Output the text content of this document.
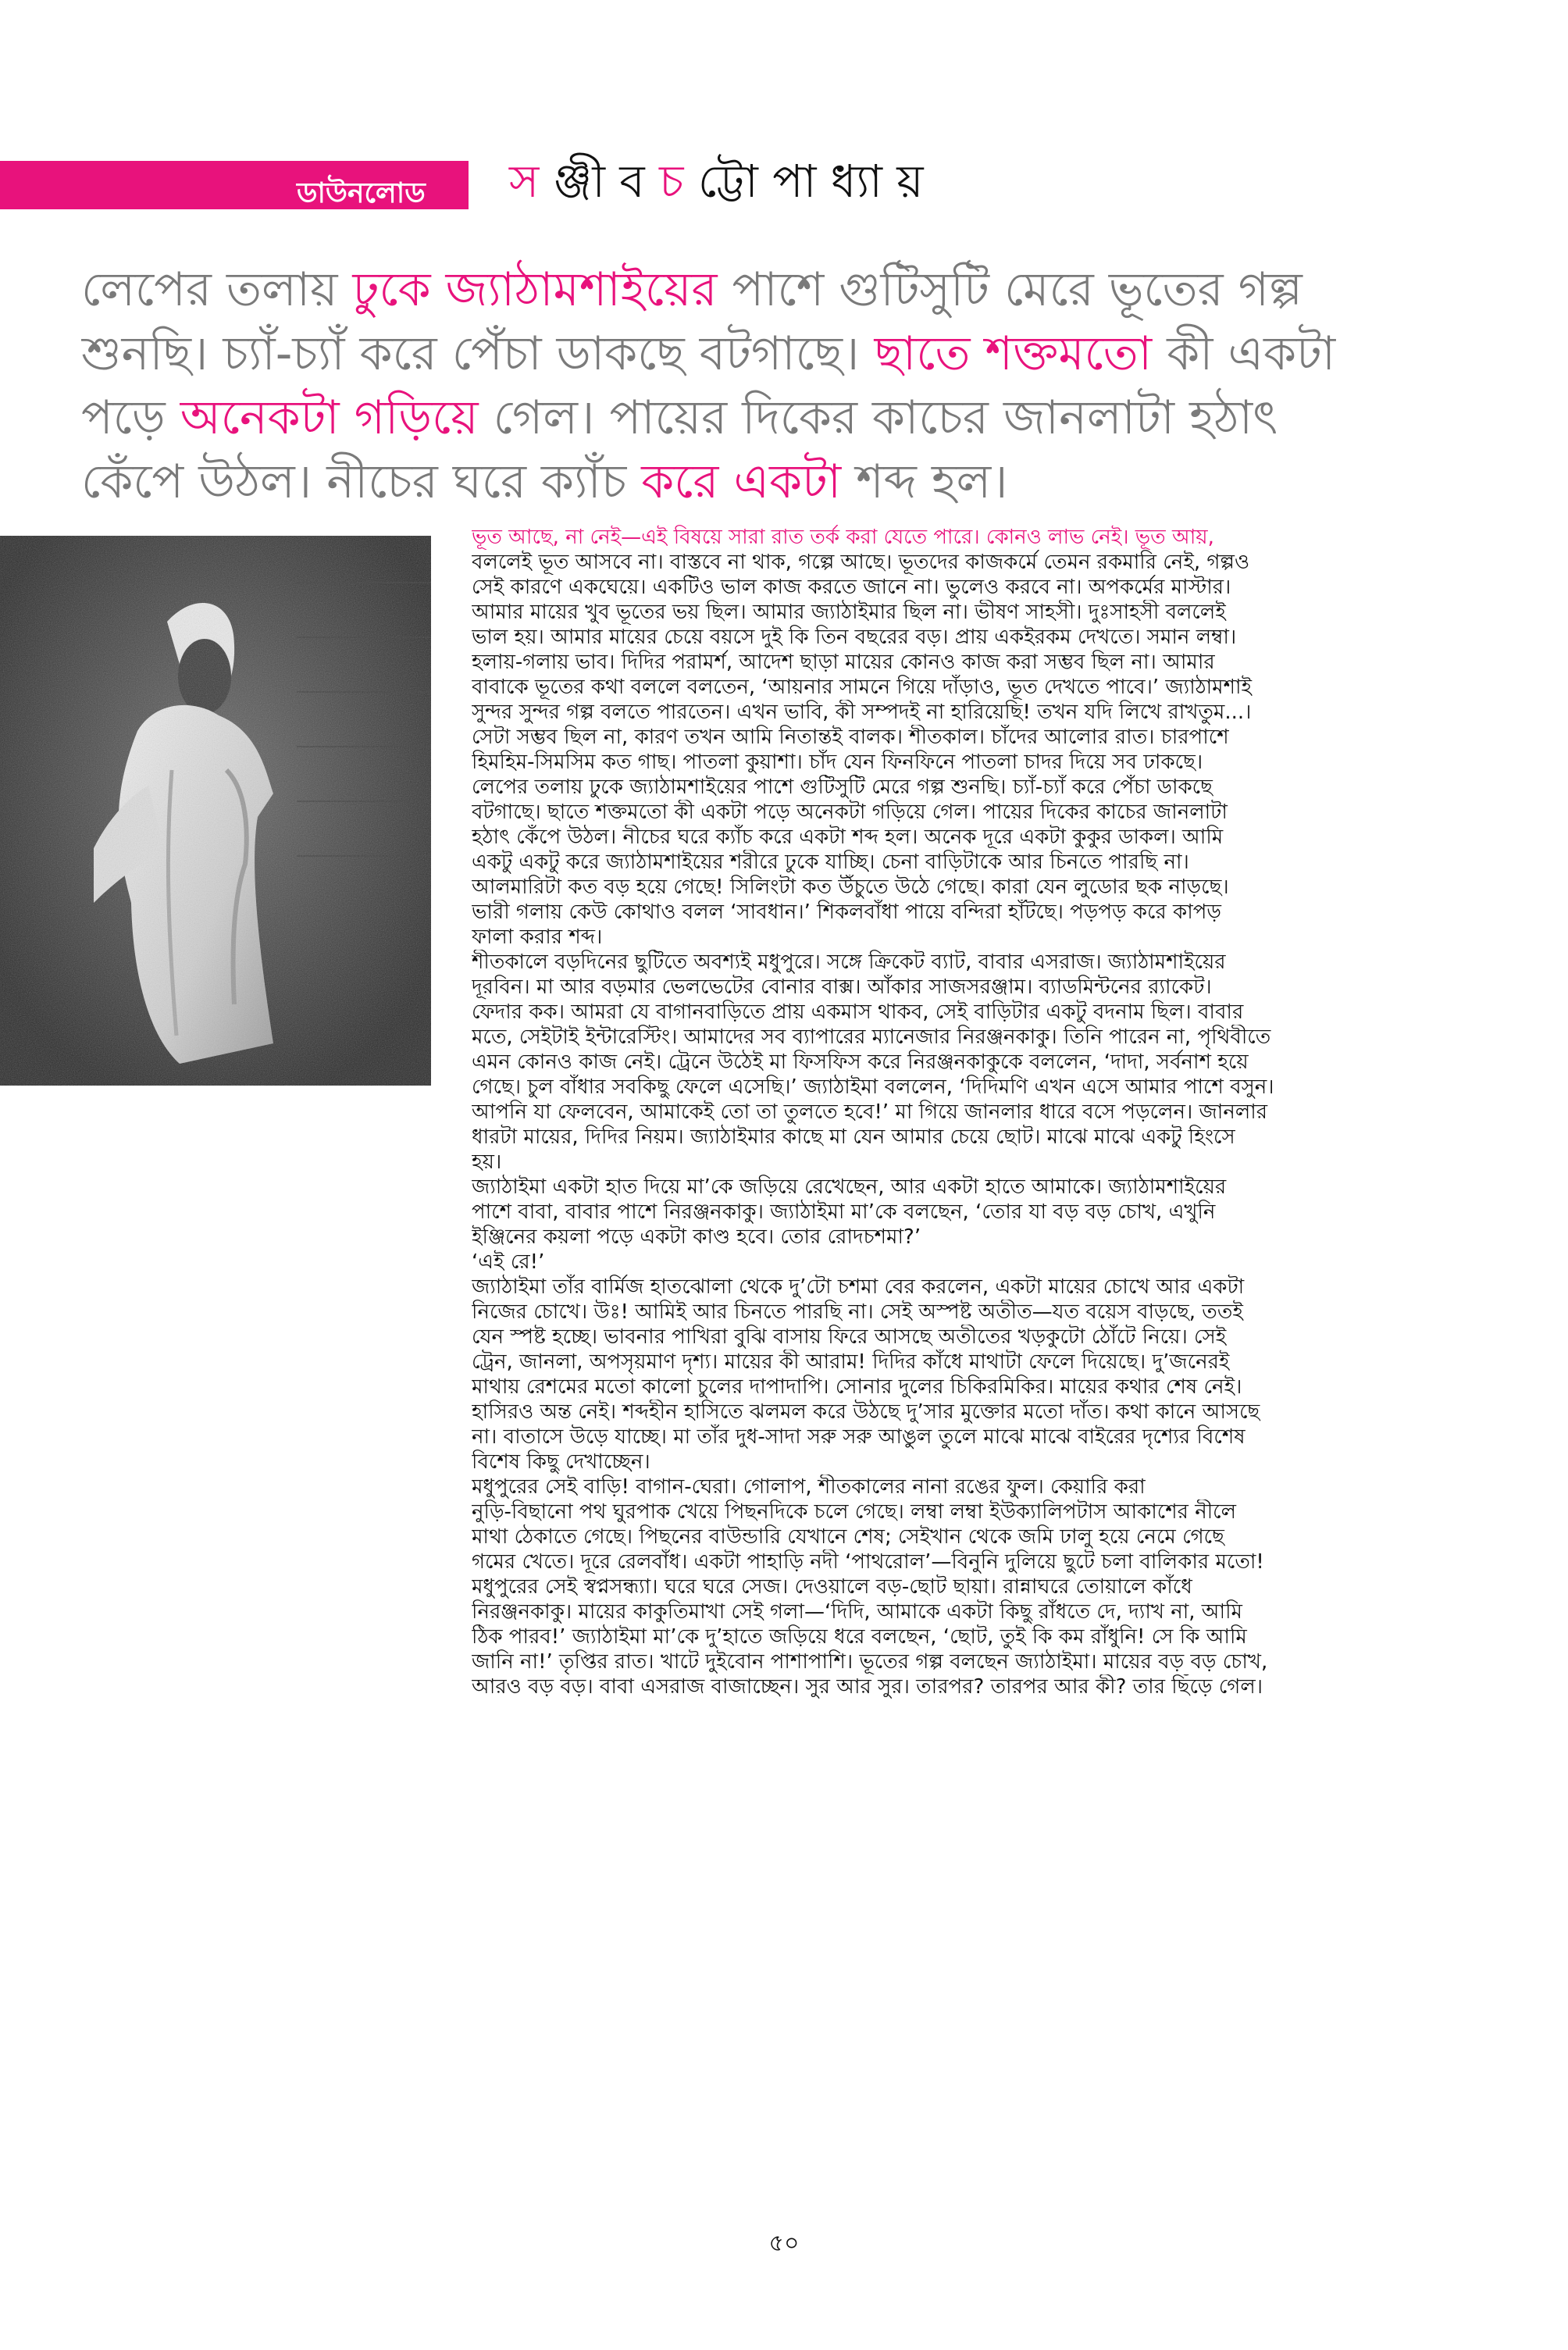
ডাউনলোড স ঞ্জী ব চ ট্টো পা ধ্যা য়

লেপের তলায় ঢুকে জ্যাঠামশাইয়ের পাশে গুটিসুটি মেরে ভূতের গল্প

শুনছি। চ্যাঁ-চ্যাঁ করে পেঁচা ডাকছে বটগাছে। ছাতে শক্তমতো কী একটা

পড়ে অনেকটা গড়িয়ে গেল। পায়ের দিকের কাচের জানলাটা হঠাৎ

কেঁপে উঠল। নীচের ঘরে ক্যাঁচ করে একটা শব্দ হল।

ভূত আছে, না নেই—এই বিষয়ে সারা রাত তর্ক করা যেতে পারে। কোনও লাভ নেই। ভূত আয়,

বললেই ভূত আসবে না। বাস্তবে না থাক, গল্পে আছে। ভূতদের কাজকর্মে তেমন রকমারি নেই, গল্পও

সেই কারণে একঘেয়ে। একটিও ভাল কাজ করতে জানে না। ভুলেও করবে না। অপকর্মের মাস্টার।

আমার মায়ের খুব ভূতের ভয় ছিল। আমার জ্যাঠাইমার ছিল না। ভীষণ সাহসী। দুঃসাহসী বললেই

ভাল হয়। আমার মায়ের চেয়ে বয়সে দুই কি তিন বছরের বড়। প্রায় একইরকম দেখতে। সমান লম্বা।

হলায়-গলায় ভাব। দিদির পরামর্শ, আদেশ ছাড়া মায়ের কোনও কাজ করা সম্ভব ছিল না। আমার

বাবাকে ভূতের কথা বললে বলতেন, ‘আয়নার সামনে গিয়ে দাঁড়াও, ভূত দেখতে পাবে।’ জ্যাঠামশাই

সুন্দর সুন্দর গল্প বলতে পারতেন। এখন ভাবি, কী সম্পদই না হারিয়েছি! তখন যদি লিখে রাখতুম...।

সেটা সম্ভব ছিল না, কারণ তখন আমি নিতান্তই বালক। শীতকাল। চাঁদের আলোর রাত। চারপাশে

হিমহিম-সিমসিম কত গাছ। পাতলা কুয়াশা। চাঁদ যেন ফিনফিনে পাতলা চাদর দিয়ে সব ঢাকছে।

লেপের তলায় ঢুকে জ্যাঠামশাইয়ের পাশে গুটিসুটি মেরে গল্প শুনছি। চ্যাঁ-চ্যাঁ করে পেঁচা ডাকছে

বটগাছে। ছাতে শক্তমতো কী একটা পড়ে অনেকটা গড়িয়ে গেল। পায়ের দিকের কাচের জানলাটা

হঠাৎ কেঁপে উঠল। নীচের ঘরে ক্যাঁচ করে একটা শব্দ হল। অনেক দূরে একটা কুকুর ডাকল। আমি

একটু একটু করে জ্যাঠামশাইয়ের শরীরে ঢুকে যাচ্ছি। চেনা বাড়িটাকে আর চিনতে পারছি না।

আলমারিটা কত বড় হয়ে গেছে! সিলিংটা কত উঁচুতে উঠে গেছে। কারা যেন লুডোর ছক নাড়ছে।

ভারী গলায় কেউ কোথাও বলল ‘সাবধান।’ শিকলবাঁধা পায়ে বন্দিরা হাঁটছে। পড়পড় করে কাপড়

ফালা করার শব্দ।

শীতকালে বড়দিনের ছুটিতে অবশ্যই মধুপুরে। সঙ্গে ক্রিকেট ব্যাট, বাবার এসরাজ। জ্যাঠামশাইয়ের

দূরবিন। মা আর বড়মার ভেলভেটের বোনার বাক্স। আঁকার সাজসরঞ্জাম। ব্যাডমিন্টনের র‍্যাকেট।

ফেদার কক। আমরা যে বাগানবাড়িতে প্রায় একমাস থাকব, সেই বাড়িটার একটু বদনাম ছিল। বাবার

মতে, সেইটাই ইন্টারেস্টিং। আমাদের সব ব্যাপারের ম্যানেজার নিরঞ্জনকাকু। তিনি পারেন না, পৃথিবীতে

এমন কোনও কাজ নেই। ট্রেনে উঠেই মা ফিসফিস করে নিরঞ্জনকাকুকে বললেন, ‘দাদা, সর্বনাশ হয়ে

গেছে। চুল বাঁধার সবকিছু ফেলে এসেছি।’ জ্যাঠাইমা বললেন, ‘দিদিমণি এখন এসে আমার পাশে বসুন।

আপনি যা ফেলবেন, আমাকেই তো তা তুলতে হবে!’ মা গিয়ে জানলার ধারে বসে পড়লেন। জানলার

ধারটা মায়ের, দিদির নিয়ম। জ্যাঠাইমার কাছে মা যেন আমার চেয়ে ছোট। মাঝে মাঝে একটু হিংসে

হয়।

জ্যাঠাইমা একটা হাত দিয়ে মা’কে জড়িয়ে রেখেছেন, আর একটা হাতে আমাকে। জ্যাঠামশাইয়ের

পাশে বাবা, বাবার পাশে নিরঞ্জনকাকু। জ্যাঠাইমা মা’কে বলছেন, ‘তোর যা বড় বড় চোখ, এখুনি

ইঞ্জিনের কয়লা পড়ে একটা কাণ্ড হবে। তোর রোদচশমা?’

‘এই রে!’

জ্যাঠাইমা তাঁর বার্মিজ হাতঝোলা থেকে দু’টো চশমা বের করলেন, একটা মায়ের চোখে আর একটা

নিজের চোখে। উঃ! আমিই আর চিনতে পারছি না। সেই অস্পষ্ট অতীত—যত বয়েস বাড়ছে, ততই

যেন স্পষ্ট হচ্ছে। ভাবনার পাখিরা বুঝি বাসায় ফিরে আসছে অতীতের খড়কুটো ঠোঁটে নিয়ে। সেই

ট্রেন, জানলা, অপসৃয়মাণ দৃশ্য। মায়ের কী আরাম! দিদির কাঁধে মাথাটা ফেলে দিয়েছে। দু’জনেরই

মাথায় রেশমের মতো কালো চুলের দাপাদাপি। সোনার দুলের চিকিরমিকির। মায়ের কথার শেষ নেই।

হাসিরও অন্ত নেই। শব্দহীন হাসিতে ঝলমল করে উঠছে দু’সার মুক্তোর মতো দাঁত। কথা কানে আসছে

না। বাতাসে উড়ে যাচ্ছে। মা তাঁর দুধ-সাদা সরু সরু আঙুল তুলে মাঝে মাঝে বাইরের দৃশ্যের বিশেষ

বিশেষ কিছু দেখাচ্ছেন।

মধুপুরের সেই বাড়ি! বাগান-ঘেরা। গোলাপ, শীতকালের নানা রঙের ফুল। কেয়ারি করা

নুড়ি-বিছানো পথ ঘুরপাক খেয়ে পিছনদিকে চলে গেছে। লম্বা লম্বা ইউক্যালিপটাস আকাশের নীলে

মাথা ঠেকাতে গেছে। পিছনের বাউন্ডারি যেখানে শেষ; সেইখান থেকে জমি ঢালু হয়ে নেমে গেছে

গমের খেতে। দূরে রেলবাঁধ। একটা পাহাড়ি নদী ‘পাথরোল’—বিনুনি দুলিয়ে ছুটে চলা বালিকার মতো!

মধুপুরের সেই স্বপ্নসন্ধ্যা। ঘরে ঘরে সেজ। দেওয়ালে বড়-ছোট ছায়া। রান্নাঘরে তোয়ালে কাঁধে

নিরঞ্জনকাকু। মায়ের কাকুতিমাখা সেই গলা—‘দিদি, আমাকে একটা কিছু রাঁধতে দে, দ্যাখ না, আমি

ঠিক পারব!’ জ্যাঠাইমা মা’কে দু’হাতে জড়িয়ে ধরে বলছেন, ‘ছোট, তুই কি কম রাঁধুনি! সে কি আমি

জানি না!’ তৃপ্তির রাত। খাটে দুইবোন পাশাপাশি। ভূতের গল্প বলছেন জ্যাঠাইমা। মায়ের বড় বড় চোখ,

আরও বড় বড়। বাবা এসরাজ বাজাচ্ছেন। সুর আর সুর। তারপর? তারপর আর কী? তার ছিঁড়ে গেল।

৫০
